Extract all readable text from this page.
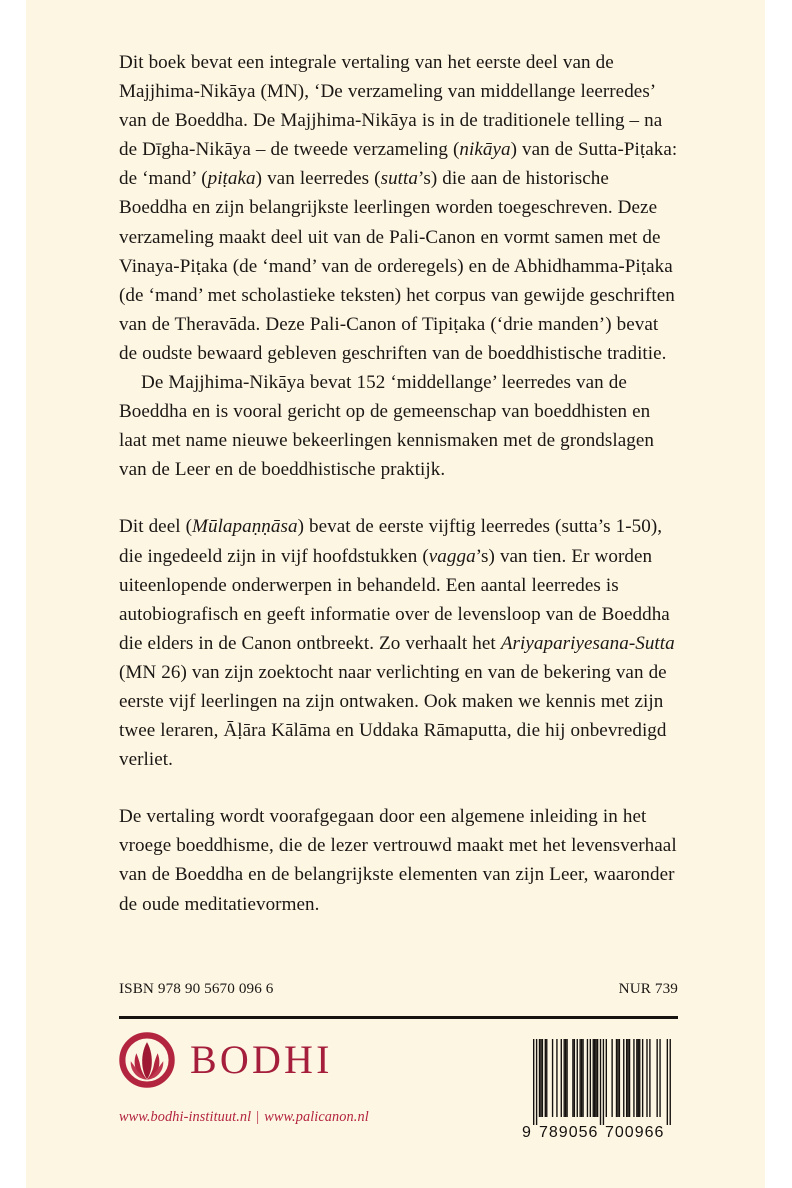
Dit boek bevat een integrale vertaling van het eerste deel van de Majjhima-Nikāya (MN), ‘De verzameling van middellange leerredes’ van de Boeddha. De Majjhima-Nikāya is in de traditionele telling – na de Dīgha-Nikāya – de tweede verzameling (nikāya) van de Sutta-Piṭaka: de ‘mand’ (piṭaka) van leerredes (sutta’s) die aan de historische Boeddha en zijn belangrijkste leerlingen worden toegeschreven. Deze verzameling maakt deel uit van de Pali-Canon en vormt samen met de Vinaya-Piṭaka (de ‘mand’ van de orderegels) en de Abhidhamma-Piṭaka (de ‘mand’ met scholastieke teksten) het corpus van gewijde geschriften van de Theravāda. Deze Pali-Canon of Tipiṭaka (‘drie manden’) bevat de oudste bewaard gebleven geschriften van de boeddhistische traditie.

De Majjhima-Nikāya bevat 152 ‘middellange’ leerredes van de Boeddha en is vooral gericht op de gemeenschap van boeddhisten en laat met name nieuwe bekeerlingen kennismaken met de grondslagen van de Leer en de boeddhistische praktijk.

Dit deel (Mūlapaṇṇāsa) bevat de eerste vijftig leerredes (sutta’s 1-50), die ingedeeld zijn in vijf hoofdstukken (vagga’s) van tien. Er worden uiteenlopende onderwerpen in behandeld. Een aantal leerredes is autobiografisch en geeft informatie over de levensloop van de Boeddha die elders in de Canon ontbreekt. Zo verhaalt het Ariyapariyesana-Sutta (MN 26) van zijn zoektocht naar verlichting en van de bekering van de eerste vijf leerlingen na zijn ontwaken. Ook maken we kennis met zijn twee leraren, Āḷāra Kālāma en Uddaka Rāmaputta, die hij onbevredigd verliet.

De vertaling wordt voorafgegaan door een algemene inleiding in het vroege boeddhisme, die de lezer vertrouwd maakt met het levensverhaal van de Boeddha en de belangrijkste elementen van zijn Leer, waaronder de oude meditatievormen.

ISBN 978 90 5670 096 6	NUR 739
BODHI
www.bodhi-instituut.nl | www.palicanon.nl
9 789056 700966
